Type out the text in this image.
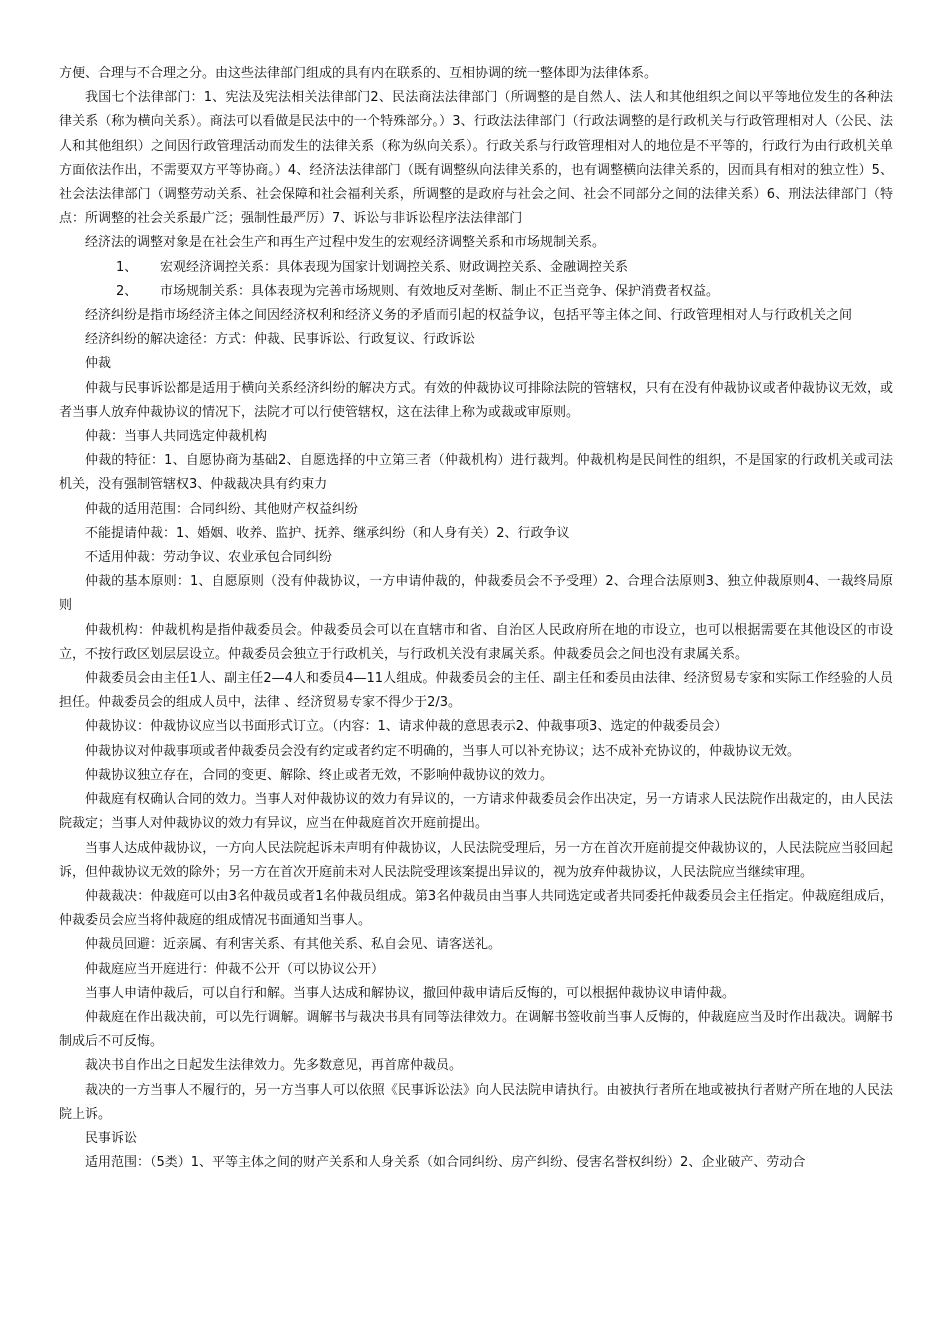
方便、合理与不合理之分。由这些法律部门组成的具有内在联系的、互相协调的统一整体即为法律体系。

我国七个法律部门：1、宪法及宪法相关法律部门2、民法商法法律部门（所调整的是自然人、法人和其他组织之间以平等地位发生的各种法律关系（称为横向关系）。商法可以看做是民法中的一个特殊部分。）3、行政法法律部门（行政法调整的是行政机关与行政管理相对人（公民、法人和其他组织）之间因行政管理活动而发生的法律关系（称为纵向关系）。行政关系与行政管理相对人的地位是不平等的，行政行为由行政机关单方面依法作出，不需要双方平等协商。）4、经济法法律部门（既有调整纵向法律关系的，也有调整横向法律关系的，因而具有相对的独立性）5、社会法法律部门（调整劳动关系、社会保障和社会福利关系，所调整的是政府与社会之间、社会不同部分之间的法律关系）6、刑法法律部门（特点：所调整的社会关系最广泛；强制性最严厉）7、诉讼与非诉讼程序法法律部门

经济法的调整对象是在社会生产和再生产过程中发生的宏观经济调整关系和市场规制关系。

1、 宏观经济调控关系：具体表现为国家计划调控关系、财政调控关系、金融调控关系
2、 市场规制关系：具体表现为完善市场规则、有效地反对垄断、制止不正当竞争、保护消费者权益。

经济纠纷是指市场经济主体之间因经济权利和经济义务的矛盾而引起的权益争议，包括平等主体之间、行政管理相对人与行政机关之间

经济纠纷的解决途径：方式：仲裁、民事诉讼、行政复议、行政诉讼

仲裁

仲裁与民事诉讼都是适用于横向关系经济纠纷的解决方式。有效的仲裁协议可排除法院的管辖权，只有在没有仲裁协议或者仲裁协议无效，或者当事人放弃仲裁协议的情况下，法院才可以行使管辖权，这在法律上称为或裁或审原则。

仲裁：当事人共同选定仲裁机构

仲裁的特征：1、自愿协商为基础2、自愿选择的中立第三者（仲裁机构）进行裁判。仲裁机构是民间性的组织，不是国家的行政机关或司法机关，没有强制管辖权3、仲裁裁决具有约束力

仲裁的适用范围：合同纠纷、其他财产权益纠纷

不能提请仲裁：1、婚姻、收养、监护、抚养、继承纠纷（和人身有关）2、行政争议

不适用仲裁：劳动争议、农业承包合同纠纷

仲裁的基本原则：1、自愿原则（没有仲裁协议，一方申请仲裁的，仲裁委员会不予受理）2、合理合法原则3、独立仲裁原则4、一裁终局原则

仲裁机构：仲裁机构是指仲裁委员会。仲裁委员会可以在直辖市和省、自治区人民政府所在地的市设立，也可以根据需要在其他设区的市设立，不按行政区划层层设立。仲裁委员会独立于行政机关，与行政机关没有隶属关系。仲裁委员会之间也没有隶属关系。

仲裁委员会由主任1人、副主任2—4人和委员4—11人组成。仲裁委员会的主任、副主任和委员由法律、经济贸易专家和实际工作经验的人员担任。仲裁委员会的组成人员中，法律 、经济贸易专家不得少于2/3。

仲裁协议：仲裁协议应当以书面形式订立。（内容：1、请求仲裁的意思表示2、仲裁事项3、选定的仲裁委员会）

仲裁协议对仲裁事项或者仲裁委员会没有约定或者约定不明确的，当事人可以补充协议；达不成补充协议的，仲裁协议无效。

仲裁协议独立存在，合同的变更、解除、终止或者无效，不影响仲裁协议的效力。

仲裁庭有权确认合同的效力。当事人对仲裁协议的效力有异议的，一方请求仲裁委员会作出决定，另一方请求人民法院作出裁定的，由人民法院裁定；当事人对仲裁协议的效力有异议，应当在仲裁庭首次开庭前提出。

当事人达成仲裁协议，一方向人民法院起诉未声明有仲裁协议，人民法院受理后，另一方在首次开庭前提交仲裁协议的，人民法院应当驳回起诉，但仲裁协议无效的除外；另一方在首次开庭前未对人民法院受理该案提出异议的，视为放弃仲裁协议，人民法院应当继续审理。

仲裁裁决：仲裁庭可以由3名仲裁员或者1名仲裁员组成。第3名仲裁员由当事人共同选定或者共同委托仲裁委员会主任指定。仲裁庭组成后，仲裁委员会应当将仲裁庭的组成情况书面通知当事人。

仲裁员回避：近亲属、有利害关系、有其他关系、私自会见、请客送礼。

仲裁庭应当开庭进行：仲裁不公开（可以协议公开）

当事人申请仲裁后，可以自行和解。当事人达成和解协议，撤回仲裁申请后反悔的，可以根据仲裁协议申请仲裁。

仲裁庭在作出裁决前，可以先行调解。调解书与裁决书具有同等法律效力。在调解书签收前当事人反悔的，仲裁庭应当及时作出裁决。调解书制成后不可反悔。

裁决书自作出之日起发生法律效力。先多数意见，再首席仲裁员。

裁决的一方当事人不履行的，另一方当事人可以依照《民事诉讼法》向人民法院申请执行。由被执行者所在地或被执行者财产所在地的人民法院上诉。

民事诉讼

适用范围：（5类）1、平等主体之间的财产关系和人身关系（如合同纠纷、房产纠纷、侵害名誉权纠纷）2、企业破产、劳动合
